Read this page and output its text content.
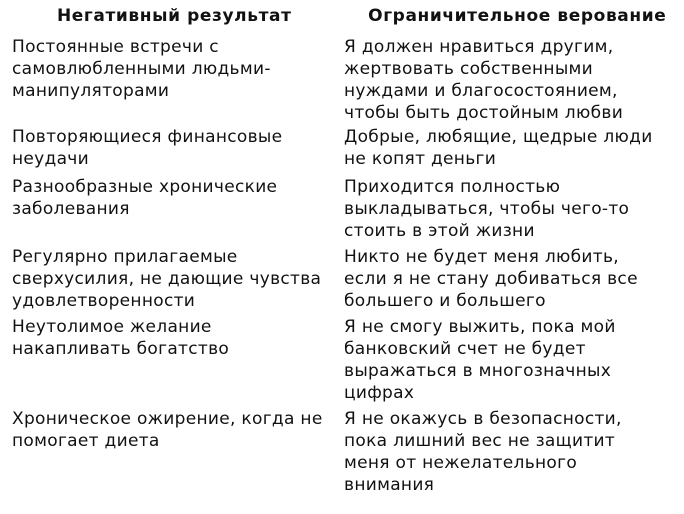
Негативный результат	Ограничительное верование
Постоянные встречи с
самовлюбленными людьми-
манипуляторами
Я должен нравиться другим,
жертвовать собственными
нуждами и благосостоянием,
чтобы быть достойным любви
Повторяющиеся финансовые
неудачи
Добрые, любящие, щедрые люди
не копят деньги
Разнообразные хронические
заболевания
Приходится полностью
выкладываться, чтобы чего-то
стоить в этой жизни
Регулярно прилагаемые
сверхусилия, не дающие чувства
удовлетворенности
Никто не будет меня любить,
если я не стану добиваться все
большего и большего
Неутолимое желание
накапливать богатство
Я не смогу выжить, пока мой
банковский счет не будет
выражаться в многозначных
цифрах
Хроническое ожирение, когда не
помогает диета
Я не окажусь в безопасности,
пока лишний вес не защитит
меня от нежелательного
внимания
